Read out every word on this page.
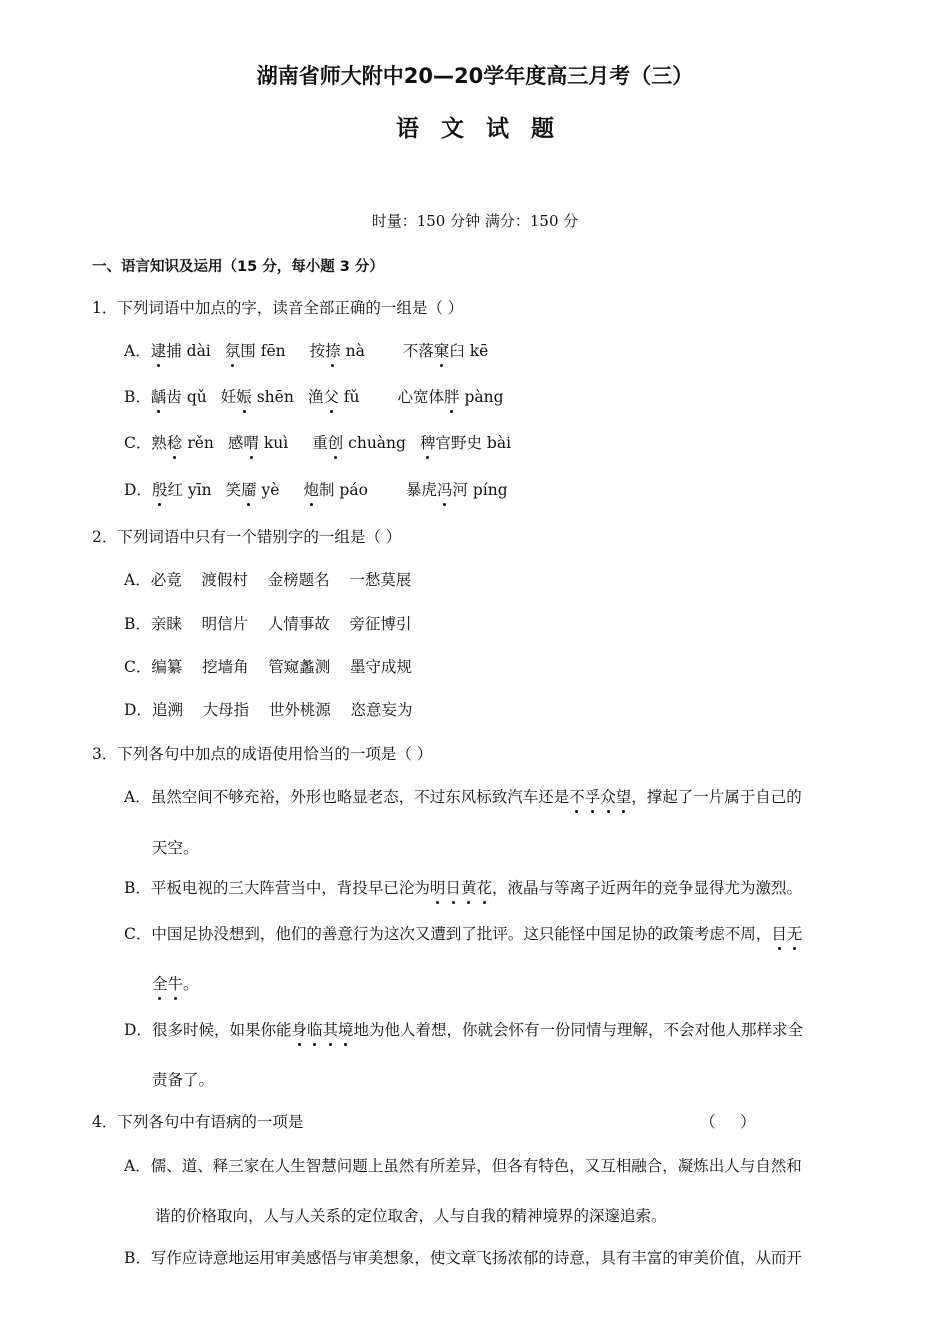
湖南省师大附中20—20学年度高三月考（三）
语文试题
时量：150 分钟 满分：150 分
一、语言知识及运用（15 分，每小题 3 分）
1．下列词语中加点的字，读音全部正确的一组是（ ）
A．逮捕 dài 氛围 fēn 按捺 nà 不落窠臼 kē
B．龋齿 qǔ 妊娠 shēn 渔父 fǔ 心宽体胖 pàng
C．熟稔 rěn 感喟 kuì 重创 chuàng 稗官野史 bài
D．殷红 yīn 笑靥 yè 炮制 páo 暴虎冯河 píng
2．下列词语中只有一个错别字的一组是（ ）
A．必竟    渡假村    金榜题名    一愁莫展
B．亲睐    明信片    人情事故    旁征博引
C．编纂    挖墙角    管窥蠡测    墨守成规
D．追溯    大母指    世外桃源    恣意妄为
3．下列各句中加点的成语使用恰当的一项是（ ）
A．虽然空间不够充裕，外形也略显老态，不过东风标致汽车还是不孚众望，撑起了一片属于自己的
天空。
B．平板电视的三大阵营当中，背投早已沦为明日黄花，液晶与等离子近两年的竞争显得尤为激烈。
C．中国足协没想到，他们的善意行为这次又遭到了批评。这只能怪中国足协的政策考虑不周，目无
全牛。
D．很多时候，如果你能身临其境地为他人着想，你就会怀有一份同情与理解，不会对他人那样求全
责备了。
4．下列各句中有语病的一项是	（     ）
A．儒、道、释三家在人生智慧问题上虽然有所差异，但各有特色，又互相融合，凝炼出人与自然和
谐的价格取向，人与人关系的定位取舍，人与自我的精神境界的深邃追索。
B．写作应诗意地运用审美感悟与审美想象，使文章飞扬浓郁的诗意，具有丰富的审美价值，从而开
